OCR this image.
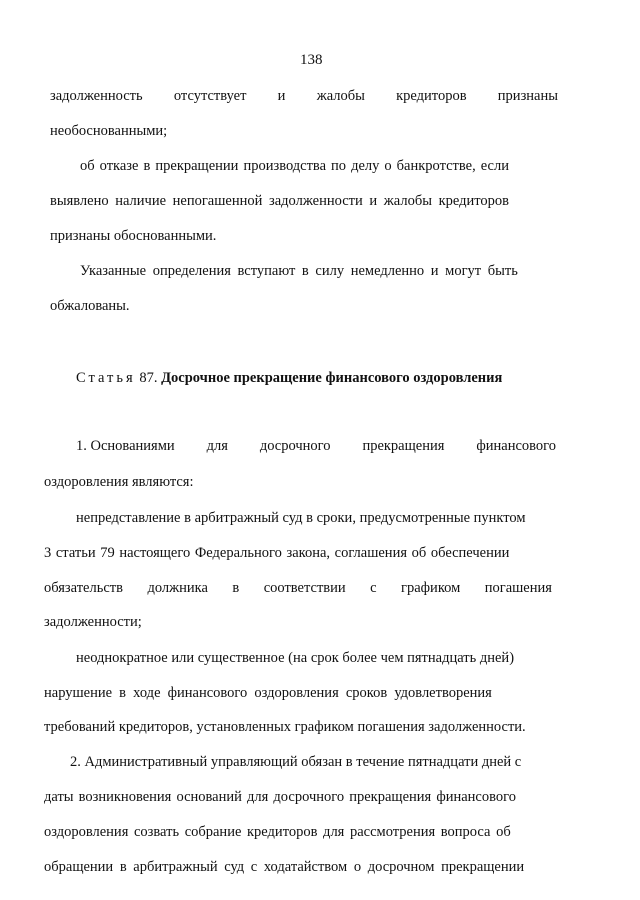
138
задолженность отсутствует и жалобы кредиторов признаны
необоснованными;
об отказе в прекращении производства по делу о банкротстве, если
выявлено наличие непогашенной задолженности и жалобы кредиторов
признаны обоснованными.
Указанные определения вступают в силу немедленно и могут быть
обжалованы.
Статья 87. Досрочное прекращение финансового оздоровления
1. Основаниями для досрочного прекращения финансового
оздоровления являются:
непредставление в арбитражный суд в сроки, предусмотренные пунктом
3 статьи 79 настоящего Федерального закона, соглашения об обеспечении
обязательств должника в соответствии с графиком погашения
задолженности;
неоднократное или существенное (на срок более чем пятнадцать дней)
нарушение в ходе финансового оздоровления сроков удовлетворения
требований кредиторов, установленных графиком погашения задолженности.
2. Административный управляющий обязан в течение пятнадцати дней с
даты возникновения оснований для досрочного прекращения финансового
оздоровления созвать собрание кредиторов для рассмотрения вопроса об
обращении в арбитражный суд с ходатайством о досрочном прекращении
